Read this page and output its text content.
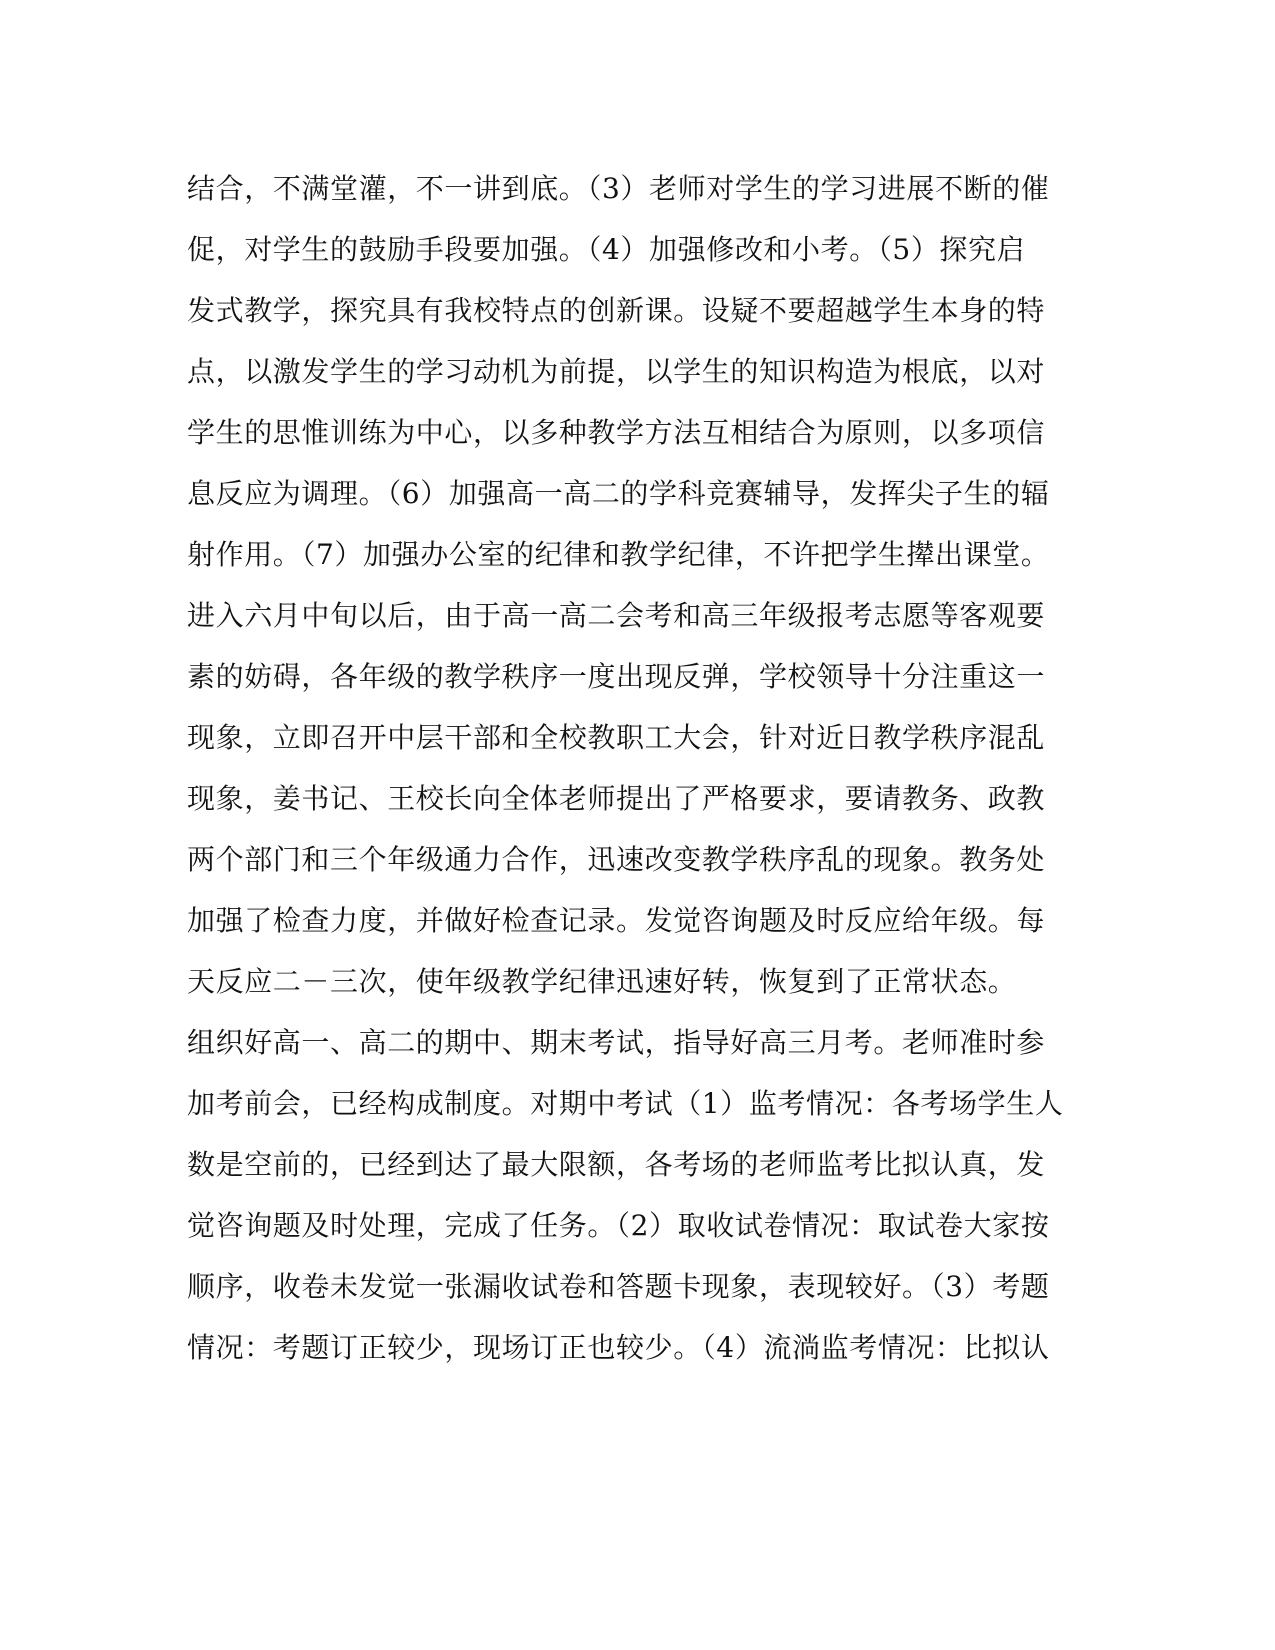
结合，不满堂灌，不一讲到底。（3）老师对学生的学习进展不断的催
促，对学生的鼓励手段要加强。（4）加强修改和小考。（5）探究启
发式教学，探究具有我校特点的创新课。设疑不要超越学生本身的特
点，以激发学生的学习动机为前提，以学生的知识构造为根底，以对
学生的思惟训练为中心，以多种教学方法互相结合为原则，以多项信
息反应为调理。（6）加强高一高二的学科竞赛辅导，发挥尖子生的辐
射作用。（7）加强办公室的纪律和教学纪律，不许把学生撵出课堂。
进入六月中旬以后，由于高一高二会考和高三年级报考志愿等客观要
素的妨碍，各年级的教学秩序一度出现反弹，学校领导十分注重这一
现象，立即召开中层干部和全校教职工大会，针对近日教学秩序混乱
现象，姜书记、王校长向全体老师提出了严格要求，要请教务、政教
两个部门和三个年级通力合作，迅速改变教学秩序乱的现象。教务处
加强了检查力度，并做好检查记录。发觉咨询题及时反应给年级。每
天反应二－三次，使年级教学纪律迅速好转，恢复到了正常状态。
组织好高一、高二的期中、期末考试，指导好高三月考。老师准时参
加考前会，已经构成制度。对期中考试（1）监考情况：各考场学生人
数是空前的，已经到达了最大限额，各考场的老师监考比拟认真，发
觉咨询题及时处理，完成了任务。（2）取收试卷情况：取试卷大家按
顺序，收卷未发觉一张漏收试卷和答题卡现象，表现较好。（3）考题
情况：考题订正较少，现场订正也较少。（4）流淌监考情况：比拟认
